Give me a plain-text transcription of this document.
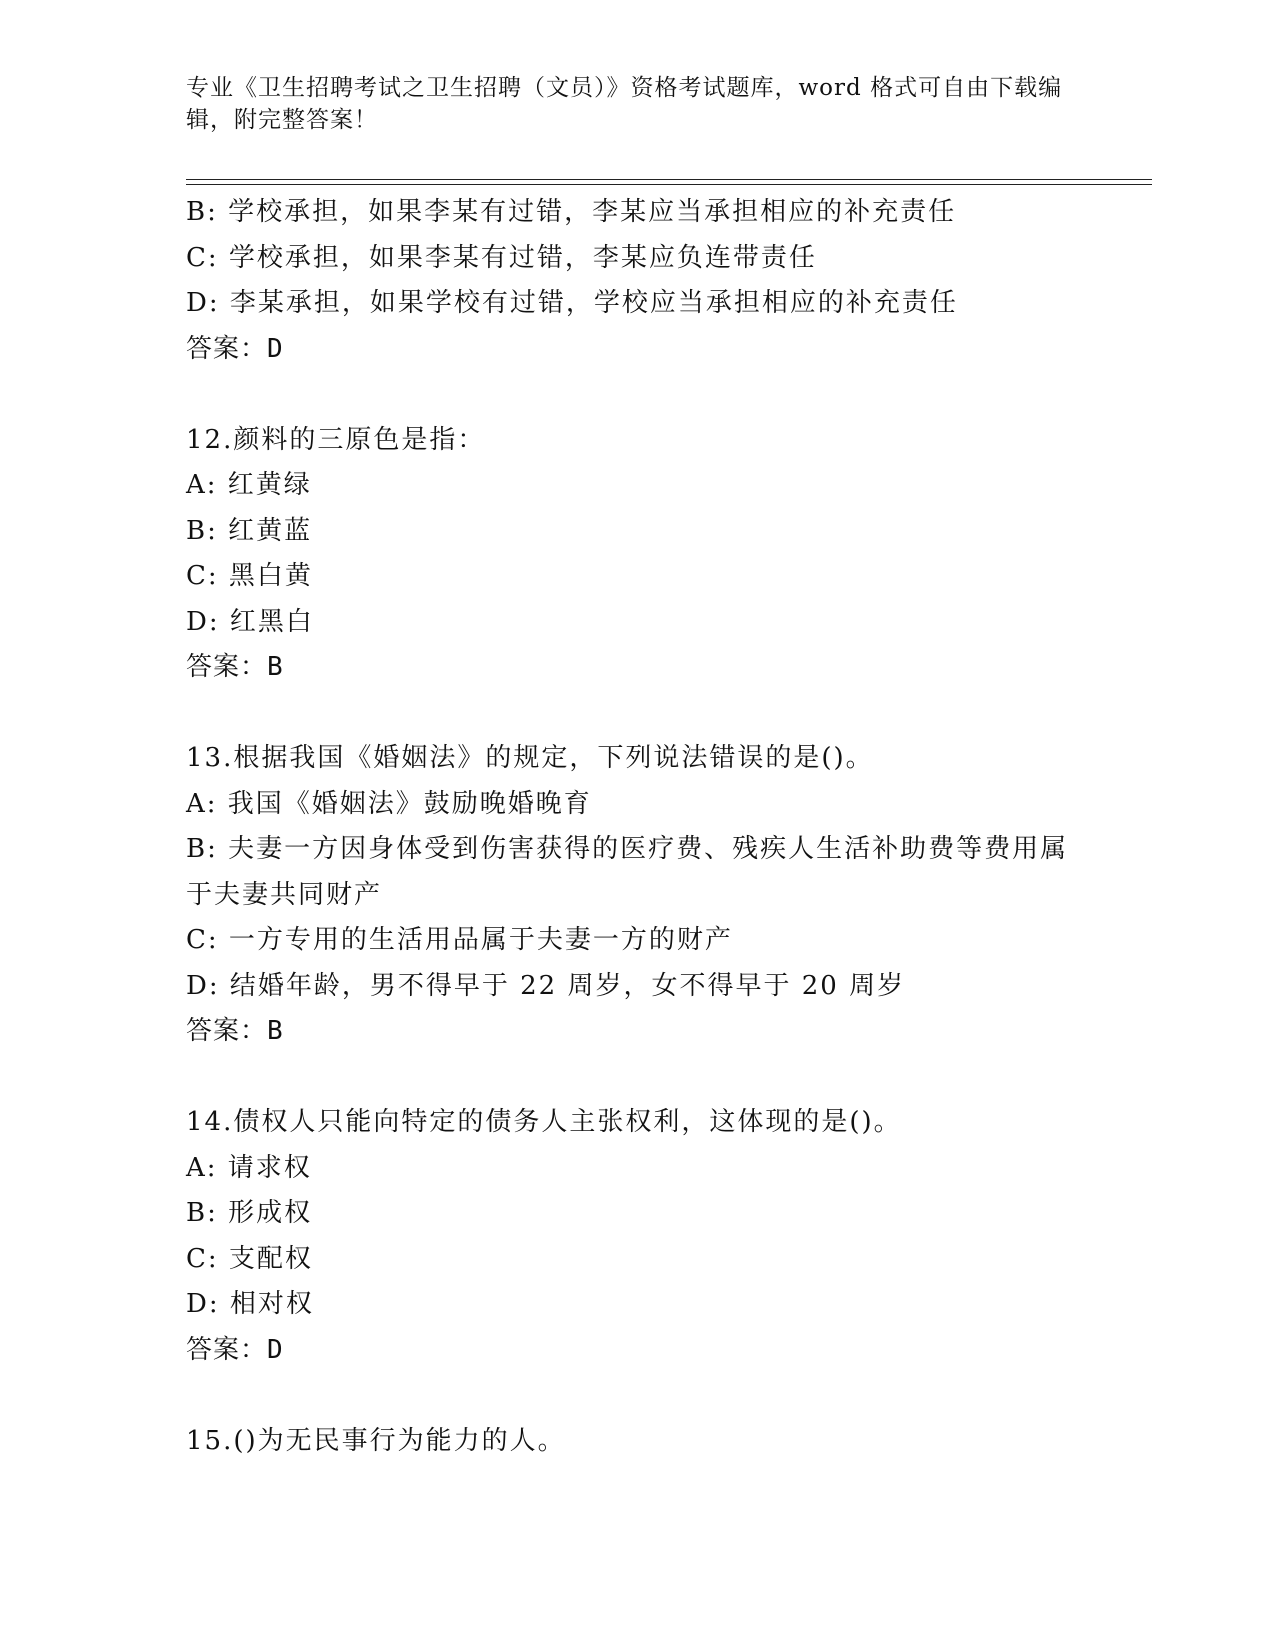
专业《卫生招聘考试之卫生招聘（文员）》资格考试题库，word 格式可自由下载编辑，附完整答案！
B: 学校承担，如果李某有过错，李某应当承担相应的补充责任
C: 学校承担，如果李某有过错，李某应负连带责任
D: 李某承担，如果学校有过错，学校应当承担相应的补充责任
答案：D
12.颜料的三原色是指：
A: 红黄绿
B: 红黄蓝
C: 黑白黄
D: 红黑白
答案：B
13.根据我国《婚姻法》的规定，下列说法错误的是()。
A: 我国《婚姻法》鼓励晚婚晚育
B: 夫妻一方因身体受到伤害获得的医疗费、残疾人生活补助费等费用属于夫妻共同财产
C: 一方专用的生活用品属于夫妻一方的财产
D: 结婚年龄，男不得早于 22 周岁，女不得早于 20 周岁
答案：B
14.债权人只能向特定的债务人主张权利，这体现的是()。
A: 请求权
B: 形成权
C: 支配权
D: 相对权
答案：D
15.()为无民事行为能力的人。
